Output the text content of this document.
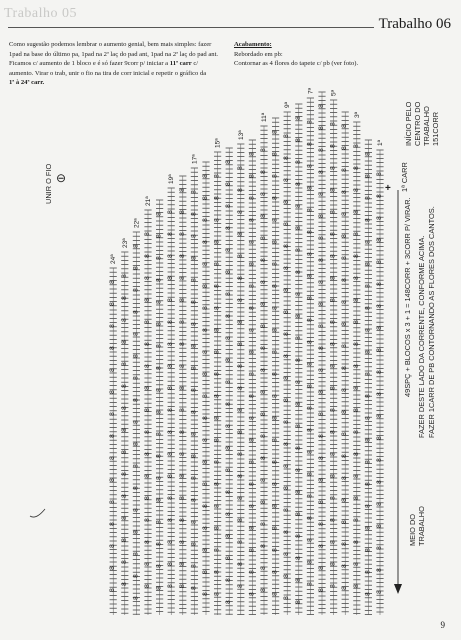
Trabalho 05
Trabalho 06
Como sugestão podemos lembrar o aumento genial, bem mais simples: fazer 1pad na base do último pa, 1pad na 2ª laç do pad ant, 1pad na 2ª laç do pad ant. Ficamos c/ aumento de 1 bloco e é só fazer 9corr p/ iniciar a 11ª carr c/ aumento. Virar o trab, unir o fio na tira de corr inicial e repetir o gráfico da
1ª à 24ª carr.
Acabamento:
Rebordado em pb:
Contornar as 4 flores do tapete c/ pb (ver foto).
8
8
8
8
8
8
8
8
8
8
8
8
8
8
8
8
8
8
8
8
8
8
8
8
8
8
8
8
8
8
8
8
8
8
8
8
8
8
8
8
8
8
8
8
8
8
8
8
8
8
8
8
8
8
8
8
8
8
8
8
8
8
8
8
8
8
8
8
8
8
8
8
8
8
8
8
8
8
8
8
8
8
8
8
8
8
8
8
8
8
8
8
8
8
8
8
8
8
8
8
8
8
8
8
8
8
8
8
8
8
8
8
8
8
8
8
8
8
8
8
8
8
8
8
8
8
8
8
8
8
8
8
8
8
8
8
8
8
8
8
8
8
8
8
8
8
8
8
8
8
8
8
8
8
8
8
8
8
8
8
8
8
8
8
8
8
8
8
8
8
8
8
8
8
8
8
8
8
8
8
8
8
8
8
8
8
8
8
8
8
8
8
8
8
8
8
8
8
8
8
8
8
8
8
8
8
8
8
8
8
8
8
8
8
8
8
8
8
8
8
8
8
8
8
8
8
8
8
8
8
8
8
8
8
8
8
8
8
8
8
8
8
8
8
8
8
8
8
8
8
8
8
8
8
8
8
8
8
8
8
8
8
8
8
8
8
8
8
8
8
8
8
8
8
8
8
8
8
8
8
8
8
8
8
8
8
8
8
8
8
8
8
8
8
8
8
8
8
8
8
8
8
8
8
8
8
8
8
8
8
8
8
8
8
8
8
8
8
8
8
8
8
8
8
8
8
8
8
8
8
8
8
8
8
8
8
8
8
8
8
8
8
8
8
8
8
8
8
8
8
8
8
8
8
8
8
8
8
8
8
8
8
8
8
8
8
8
8
8
8
8
8
8
8
8
8
8
8
8
8
8
8
8
8
8
8
8
8
8
8
8
8
8
8
8
8
8
8
8
8
8
8
8
8
8
8
8
8
8
8
8
8
8
8
8
8
8
8
8
8
8
8
8
8
8
8
8
8
8
8
8
8
8
8
8
8
8
8
8
8
8
8
8
8
8
8
8
8
8
8
8
8
8
8
8
8
8
8
8
8
8
8
8
8
8
8
8
8
8
8
8
8
8
8
8
8
8
8
8
1ª
3ª
5ª
7ª
9ª
11ª
13ª
15ª
17ª
19ª
21ª
22ª
23ª
24ª
UNIR O FIO ⊖	1ª CARR
+
INÍCIO PELO CENTRO DO TRABALHO 151CORR
49SPÇ + BLOCOS x 3 + 1 = 148CORR + 3CORR P/ VIRAR. FAZER DESTE LADO DA CORRENTE, CONFORME ACIMA. FAZER 1CARR DE PB CONTORNANDO AS FLORES DOS CANTOS.
MEIO DO TRABALHO
9
